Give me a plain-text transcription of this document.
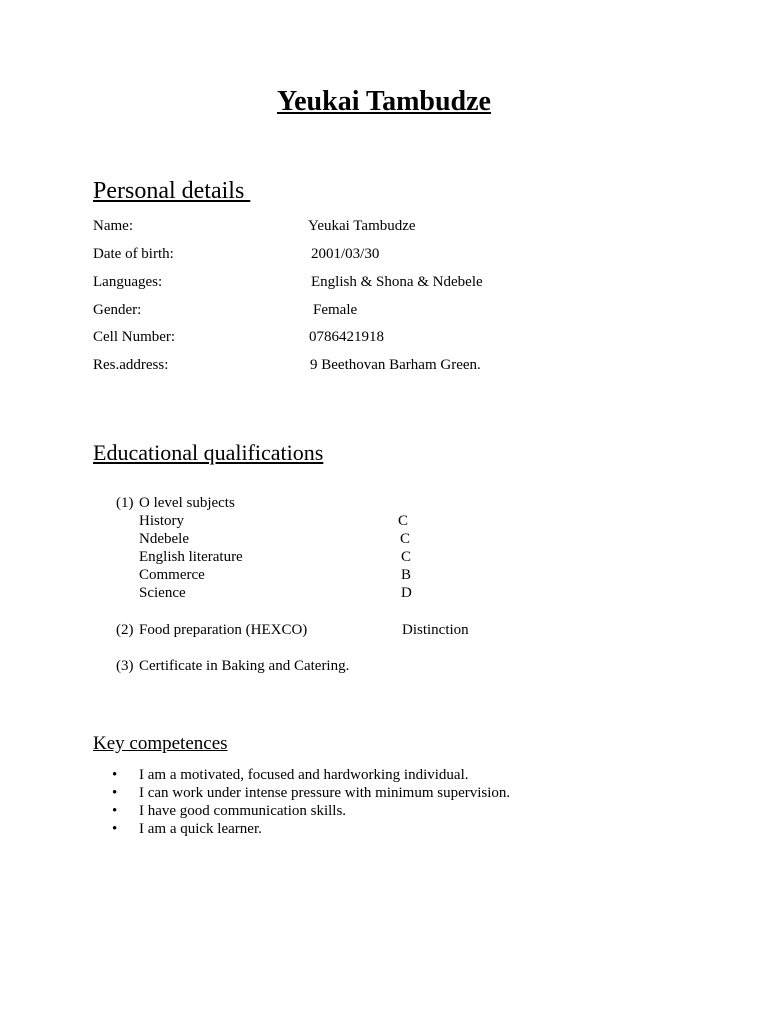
Yeukai Tambudze
Personal details
Name:	Yeukai Tambudze
Date of birth:	2001/03/30
Languages:	English & Shona & Ndebele
Gender:	Female
Cell Number:	0786421918
Res.address:	9 Beethovan Barham Green.
Educational qualifications
(1) O level subjects
History	C
Ndebele	C
English literature	C
Commerce	B
Science	D
(2) Food preparation (HEXCO)	Distinction
(3) Certificate in Baking and Catering.
Key competences
• I am a motivated, focused and hardworking individual.
• I can work under intense pressure with minimum supervision.
• I have good communication skills.
• I am a quick learner.
